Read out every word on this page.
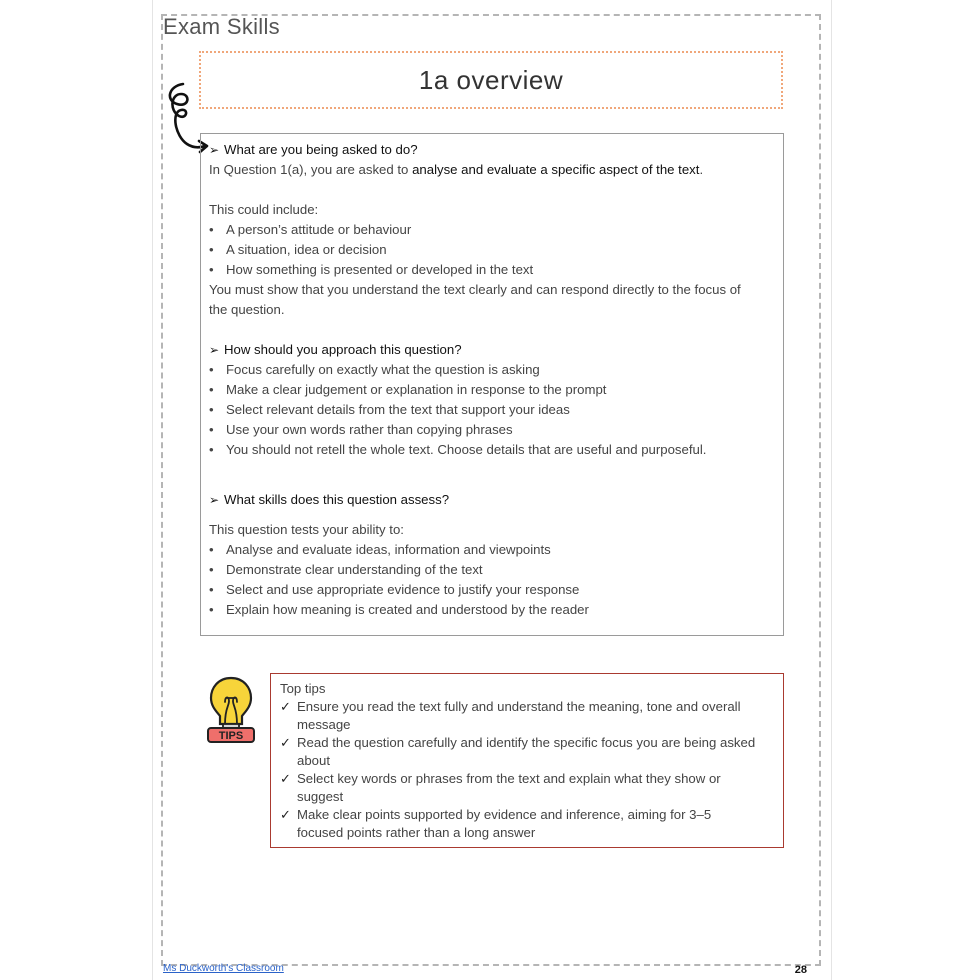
Exam Skills
1a overview
➢ What are you being asked to do?
In Question 1(a), you are asked to analyse and evaluate a specific aspect of the text.
This could include:
• A person’s attitude or behaviour
• A situation, idea or decision
• How something is presented or developed in the text
You must show that you understand the text clearly and can respond directly to the focus of
the question.
➢ How should you approach this question?
• Focus carefully on exactly what the question is asking
• Make a clear judgement or explanation in response to the prompt
• Select relevant details from the text that support your ideas
• Use your own words rather than copying phrases
• You should not retell the whole text. Choose details that are useful and purposeful.
➢ What skills does this question assess?
This question tests your ability to:
• Analyse and evaluate ideas, information and viewpoints
• Demonstrate clear understanding of the text
• Select and use appropriate evidence to justify your response
• Explain how meaning is created and understood by the reader
TIPS
Top tips
✓ Ensure you read the text fully and understand the meaning, tone and overall
message
✓ Read the question carefully and identify the specific focus you are being asked
about
✓ Select key words or phrases from the text and explain what they show or
suggest
✓ Make clear points supported by evidence and inference, aiming for 3–5
focused points rather than a long answer
Ms Duckworth's Classroom	28
